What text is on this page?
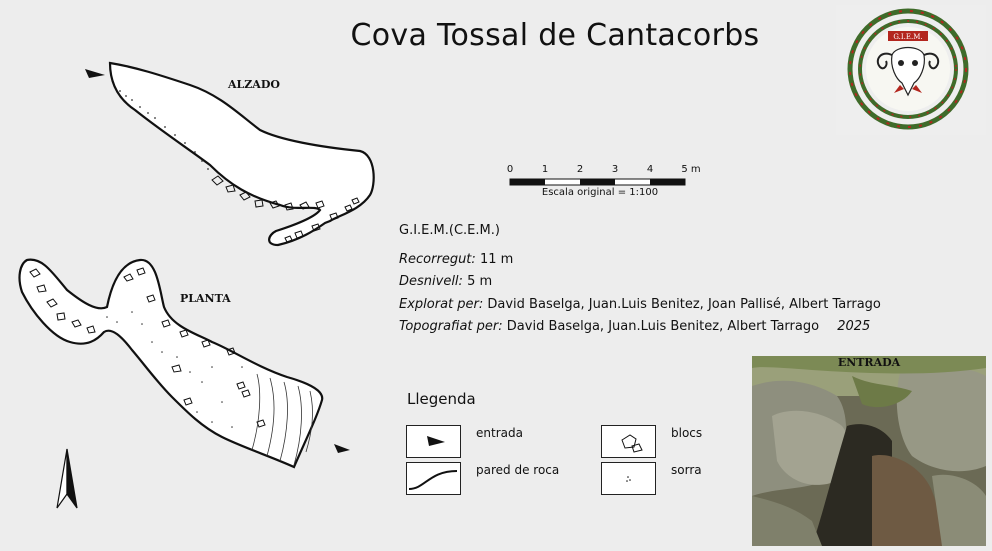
Cova Tossal de Cantacorbs
ALZADO
PLANTA
0	1	2	3	4	5 m
Escala original = 1:100
G.I.E.M.(C.E.M.)
Recorregut: 11 m
Desnivell: 5 m
Explorat per: David Baselga, Juan.Luis Benitez, Joan Pallisé, Albert Tarrago
Topografiat per: David Baselga, Juan.Luis Benitez, Albert Tarrago 2025
Llegenda
entrada
pared de roca
blocs
sorra
ENTRADA
G.I.E.M.
